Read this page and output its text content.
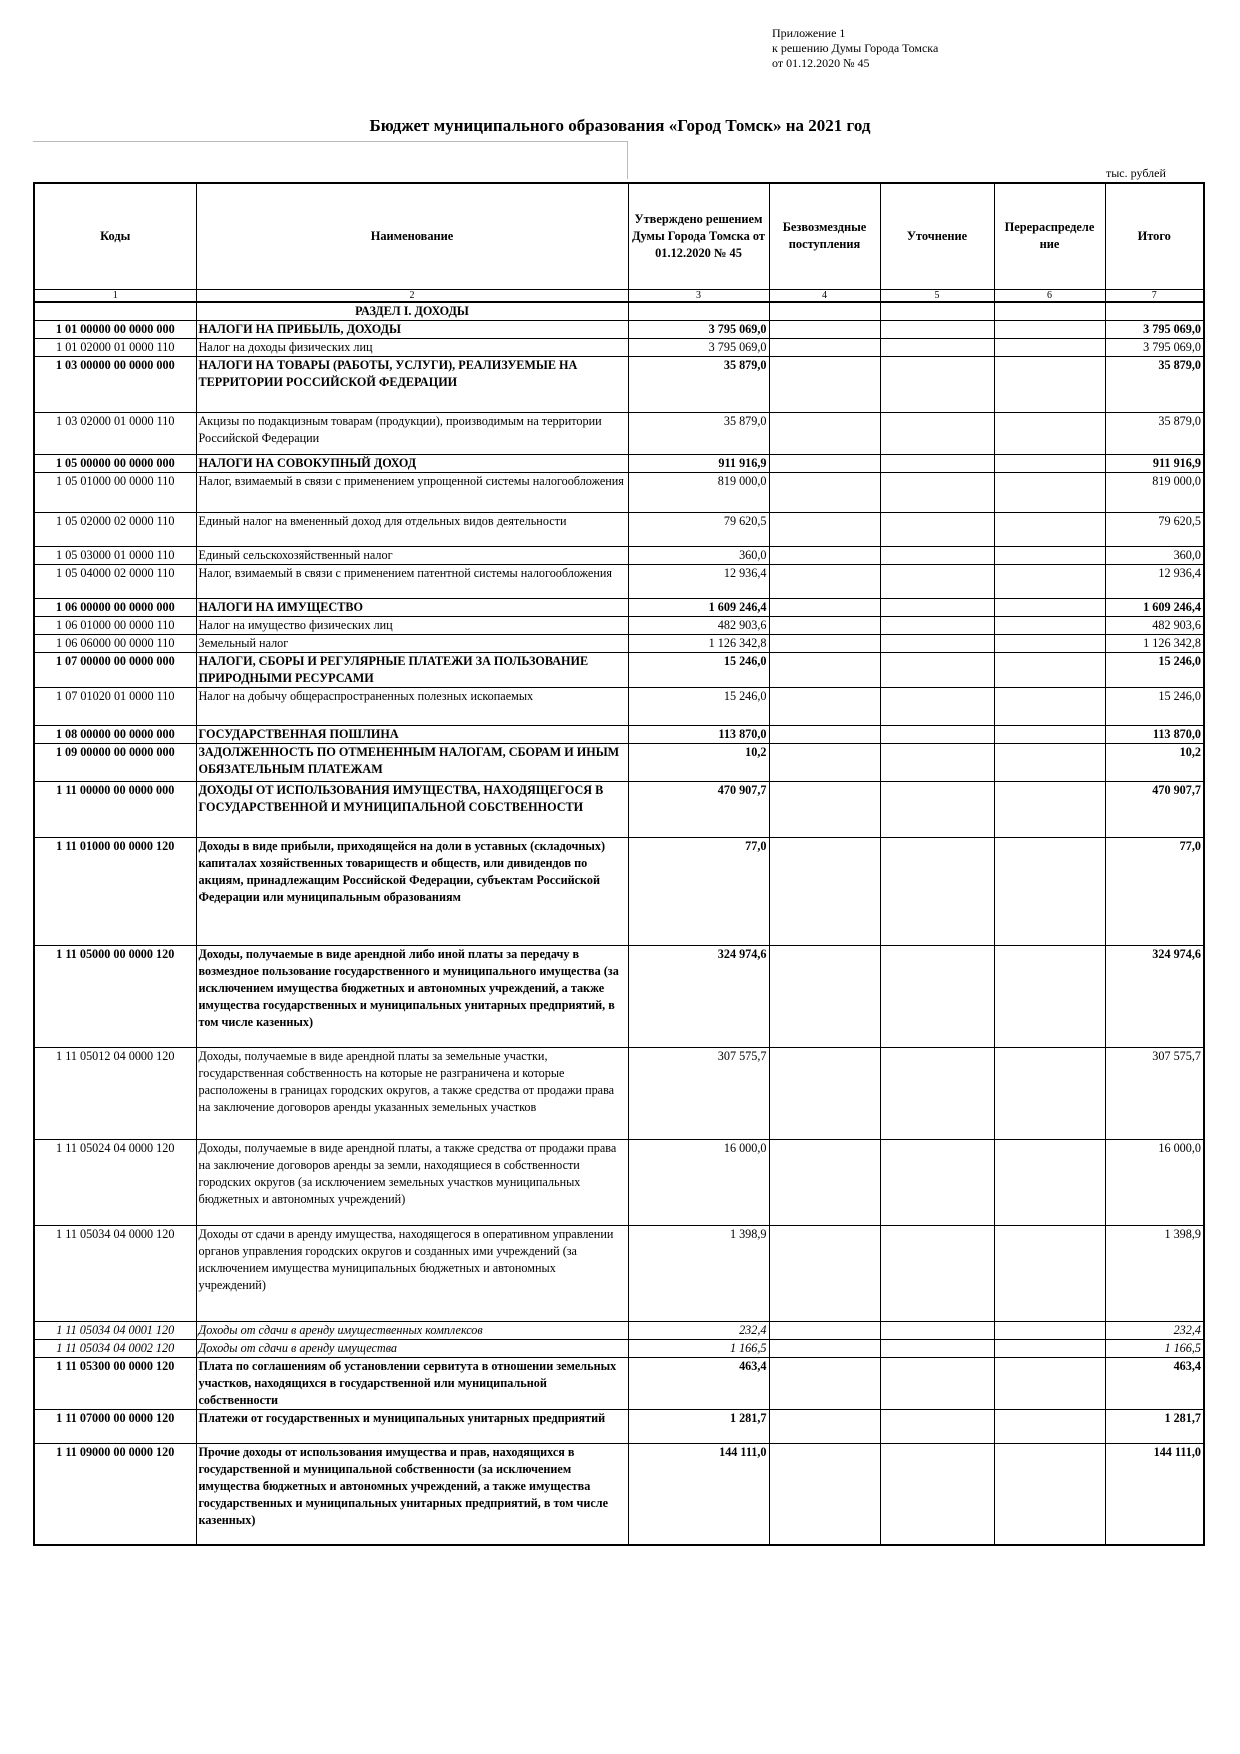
Приложение 1
к решению Думы Города Томска
от 01.12.2020 № 45
Бюджет муниципального образования «Город Томск» на 2021 год
тыс. рублей
Коды	Наименование	Утверждено решением Думы Города Томска от 01.12.2020 № 45	Безвозмездные поступления	Уточнение	Перераспределе ние	Итого
1	2	3	4	5	6	7
	РАЗДЕЛ I. ДОХОДЫ					
1 01 00000 00 0000 000	НАЛОГИ НА ПРИБЫЛЬ, ДОХОДЫ	3 795 069,0				3 795 069,0
1 01 02000 01 0000 110	Налог на доходы физических лиц	3 795 069,0				3 795 069,0
1 03 00000 00 0000 000	НАЛОГИ НА ТОВАРЫ (РАБОТЫ, УСЛУГИ), РЕАЛИЗУЕМЫЕ НА ТЕРРИТОРИИ РОССИЙСКОЙ ФЕДЕРАЦИИ	35 879,0				35 879,0
1 03 02000 01 0000 110	Акцизы по подакцизным товарам (продукции), производимым на территории Российской Федерации	35 879,0				35 879,0
1 05 00000 00 0000 000	НАЛОГИ НА СОВОКУПНЫЙ ДОХОД	911 916,9				911 916,9
1 05 01000 00 0000 110	Налог, взимаемый в связи с применением упрощенной системы налогообложения	819 000,0				819 000,0
1 05 02000 02 0000 110	Единый налог на вмененный доход для отдельных видов деятельности	79 620,5				79 620,5
1 05 03000 01 0000 110	Единый сельскохозяйственный налог	360,0				360,0
1 05 04000 02 0000 110	Налог, взимаемый в связи с применением патентной системы налогообложения	12 936,4				12 936,4
1 06 00000 00 0000 000	НАЛОГИ НА ИМУЩЕСТВО	1 609 246,4				1 609 246,4
1 06 01000 00 0000 110	Налог на имущество физических лиц	482 903,6				482 903,6
1 06 06000 00 0000 110	Земельный налог	1 126 342,8				1 126 342,8
1 07 00000 00 0000 000	НАЛОГИ, СБОРЫ И РЕГУЛЯРНЫЕ ПЛАТЕЖИ ЗА ПОЛЬЗОВАНИЕ ПРИРОДНЫМИ РЕСУРСАМИ	15 246,0				15 246,0
1 07 01020 01 0000 110	Налог на добычу общераспространенных полезных ископаемых	15 246,0				15 246,0
1 08 00000 00 0000 000	ГОСУДАРСТВЕННАЯ ПОШЛИНА	113 870,0				113 870,0
1 09 00000 00 0000 000	ЗАДОЛЖЕННОСТЬ ПО ОТМЕНЕННЫМ НАЛОГАМ, СБОРАМ И ИНЫМ ОБЯЗАТЕЛЬНЫМ ПЛАТЕЖАМ	10,2				10,2
1 11 00000 00 0000 000	ДОХОДЫ ОТ ИСПОЛЬЗОВАНИЯ ИМУЩЕСТВА, НАХОДЯЩЕГОСЯ В ГОСУДАРСТВЕННОЙ И МУНИЦИПАЛЬНОЙ СОБСТВЕННОСТИ	470 907,7				470 907,7
1 11 01000 00 0000 120	Доходы в виде прибыли, приходящейся на доли в уставных (складочных) капиталах хозяйственных товариществ и обществ, или дивидендов по акциям, принадлежащим Российской Федерации, субъектам Российской Федерации или муниципальным образованиям	77,0				77,0
1 11 05000 00 0000 120	Доходы, получаемые в виде арендной либо иной платы за передачу в возмездное пользование государственного и муниципального имущества (за исключением имущества бюджетных и автономных учреждений, а также имущества государственных и муниципальных унитарных предприятий, в том числе казенных)	324 974,6				324 974,6
1 11 05012 04 0000 120	Доходы, получаемые в виде арендной платы за земельные участки, государственная собственность на которые не разграничена и которые расположены в границах городских округов, а также средства от продажи права на заключение договоров аренды указанных земельных участков	307 575,7				307 575,7
1 11 05024 04 0000 120	Доходы, получаемые в виде арендной платы, а также средства от продажи права на заключение договоров аренды за земли, находящиеся в собственности городских округов (за исключением земельных участков муниципальных бюджетных и автономных учреждений)	16 000,0				16 000,0
1 11 05034 04 0000 120	Доходы от сдачи в аренду имущества, находящегося в оперативном управлении органов управления городских округов и созданных ими учреждений (за исключением имущества муниципальных бюджетных и автономных учреждений)	1 398,9				1 398,9
1 11 05034 04 0001 120	Доходы от сдачи в аренду имущественных комплексов	232,4				232,4
1 11 05034 04 0002 120	Доходы от сдачи в аренду имущества	1 166,5				1 166,5
1 11 05300 00 0000 120	Плата по соглашениям об установлении сервитута в отношении земельных участков, находящихся в государственной или муниципальной собственности	463,4				463,4
1 11 07000 00 0000 120	Платежи от государственных и муниципальных унитарных предприятий	1 281,7				1 281,7
1 11 09000 00 0000 120	Прочие доходы от использования имущества и прав, находящихся в государственной и муниципальной собственности (за исключением имущества бюджетных и автономных учреждений, а также имущества государственных и муниципальных унитарных предприятий, в том числе казенных)	144 111,0				144 111,0
